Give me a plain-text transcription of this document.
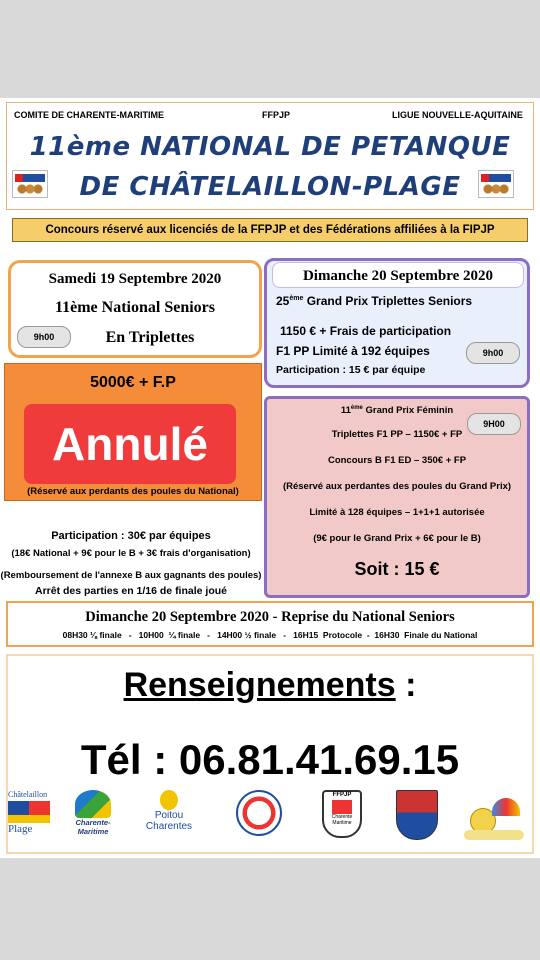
COMITE DE CHARENTE-MARITIME	FFPJP	LIGUE NOUVELLE-AQUITAINE
11ème NATIONAL DE PETANQUE
DE CHÂTELAILLON-PLAGE
Concours réservé aux licenciés de la FFPJP et des Fédérations affiliées à la FIPJP
Samedi 19 Septembre 2020
11ème National Seniors
En Triplettes
9h00
5000€ + F.P
(Réservé aux perdants des poules du National)
Annulé
Participation : 30€ par équipes
(18€ National + 9€ pour le B + 3€ frais d'organisation)
(Remboursement de l'annexe B aux gagnants des poules)
Arrêt des parties en 1/16 de finale joué
Dimanche 20 Septembre 2020
25ème Grand Prix Triplettes Seniors
1150 € + Frais de participation
F1 PP Limité à 192 équipes	9h00
Participation : 15 € par équipe
11ème Grand Prix Féminin
9H00
Triplettes F1 PP – 1150€ + FP
Concours B F1 ED – 350€ + FP
(Réservé aux perdantes des poules du Grand Prix)
Limité à 128 équipes – 1+1+1 autorisée
(9€ pour le Grand Prix + 6€ pour le B)
Soit : 15 €
Dimanche 20 Septembre 2020 - Reprise du National Seniors
08H30 ⅛ finale   -   10H00  ¼ finale   -   14H00 ½ finale   -   16H15  Protocole  -  16H30  Finale du National
Renseignements :
Tél : 06.81.41.69.15
Châtelaillon
Plage
Charente-Maritime
Poitou
Charentes
FFPJP
Charente Maritime
